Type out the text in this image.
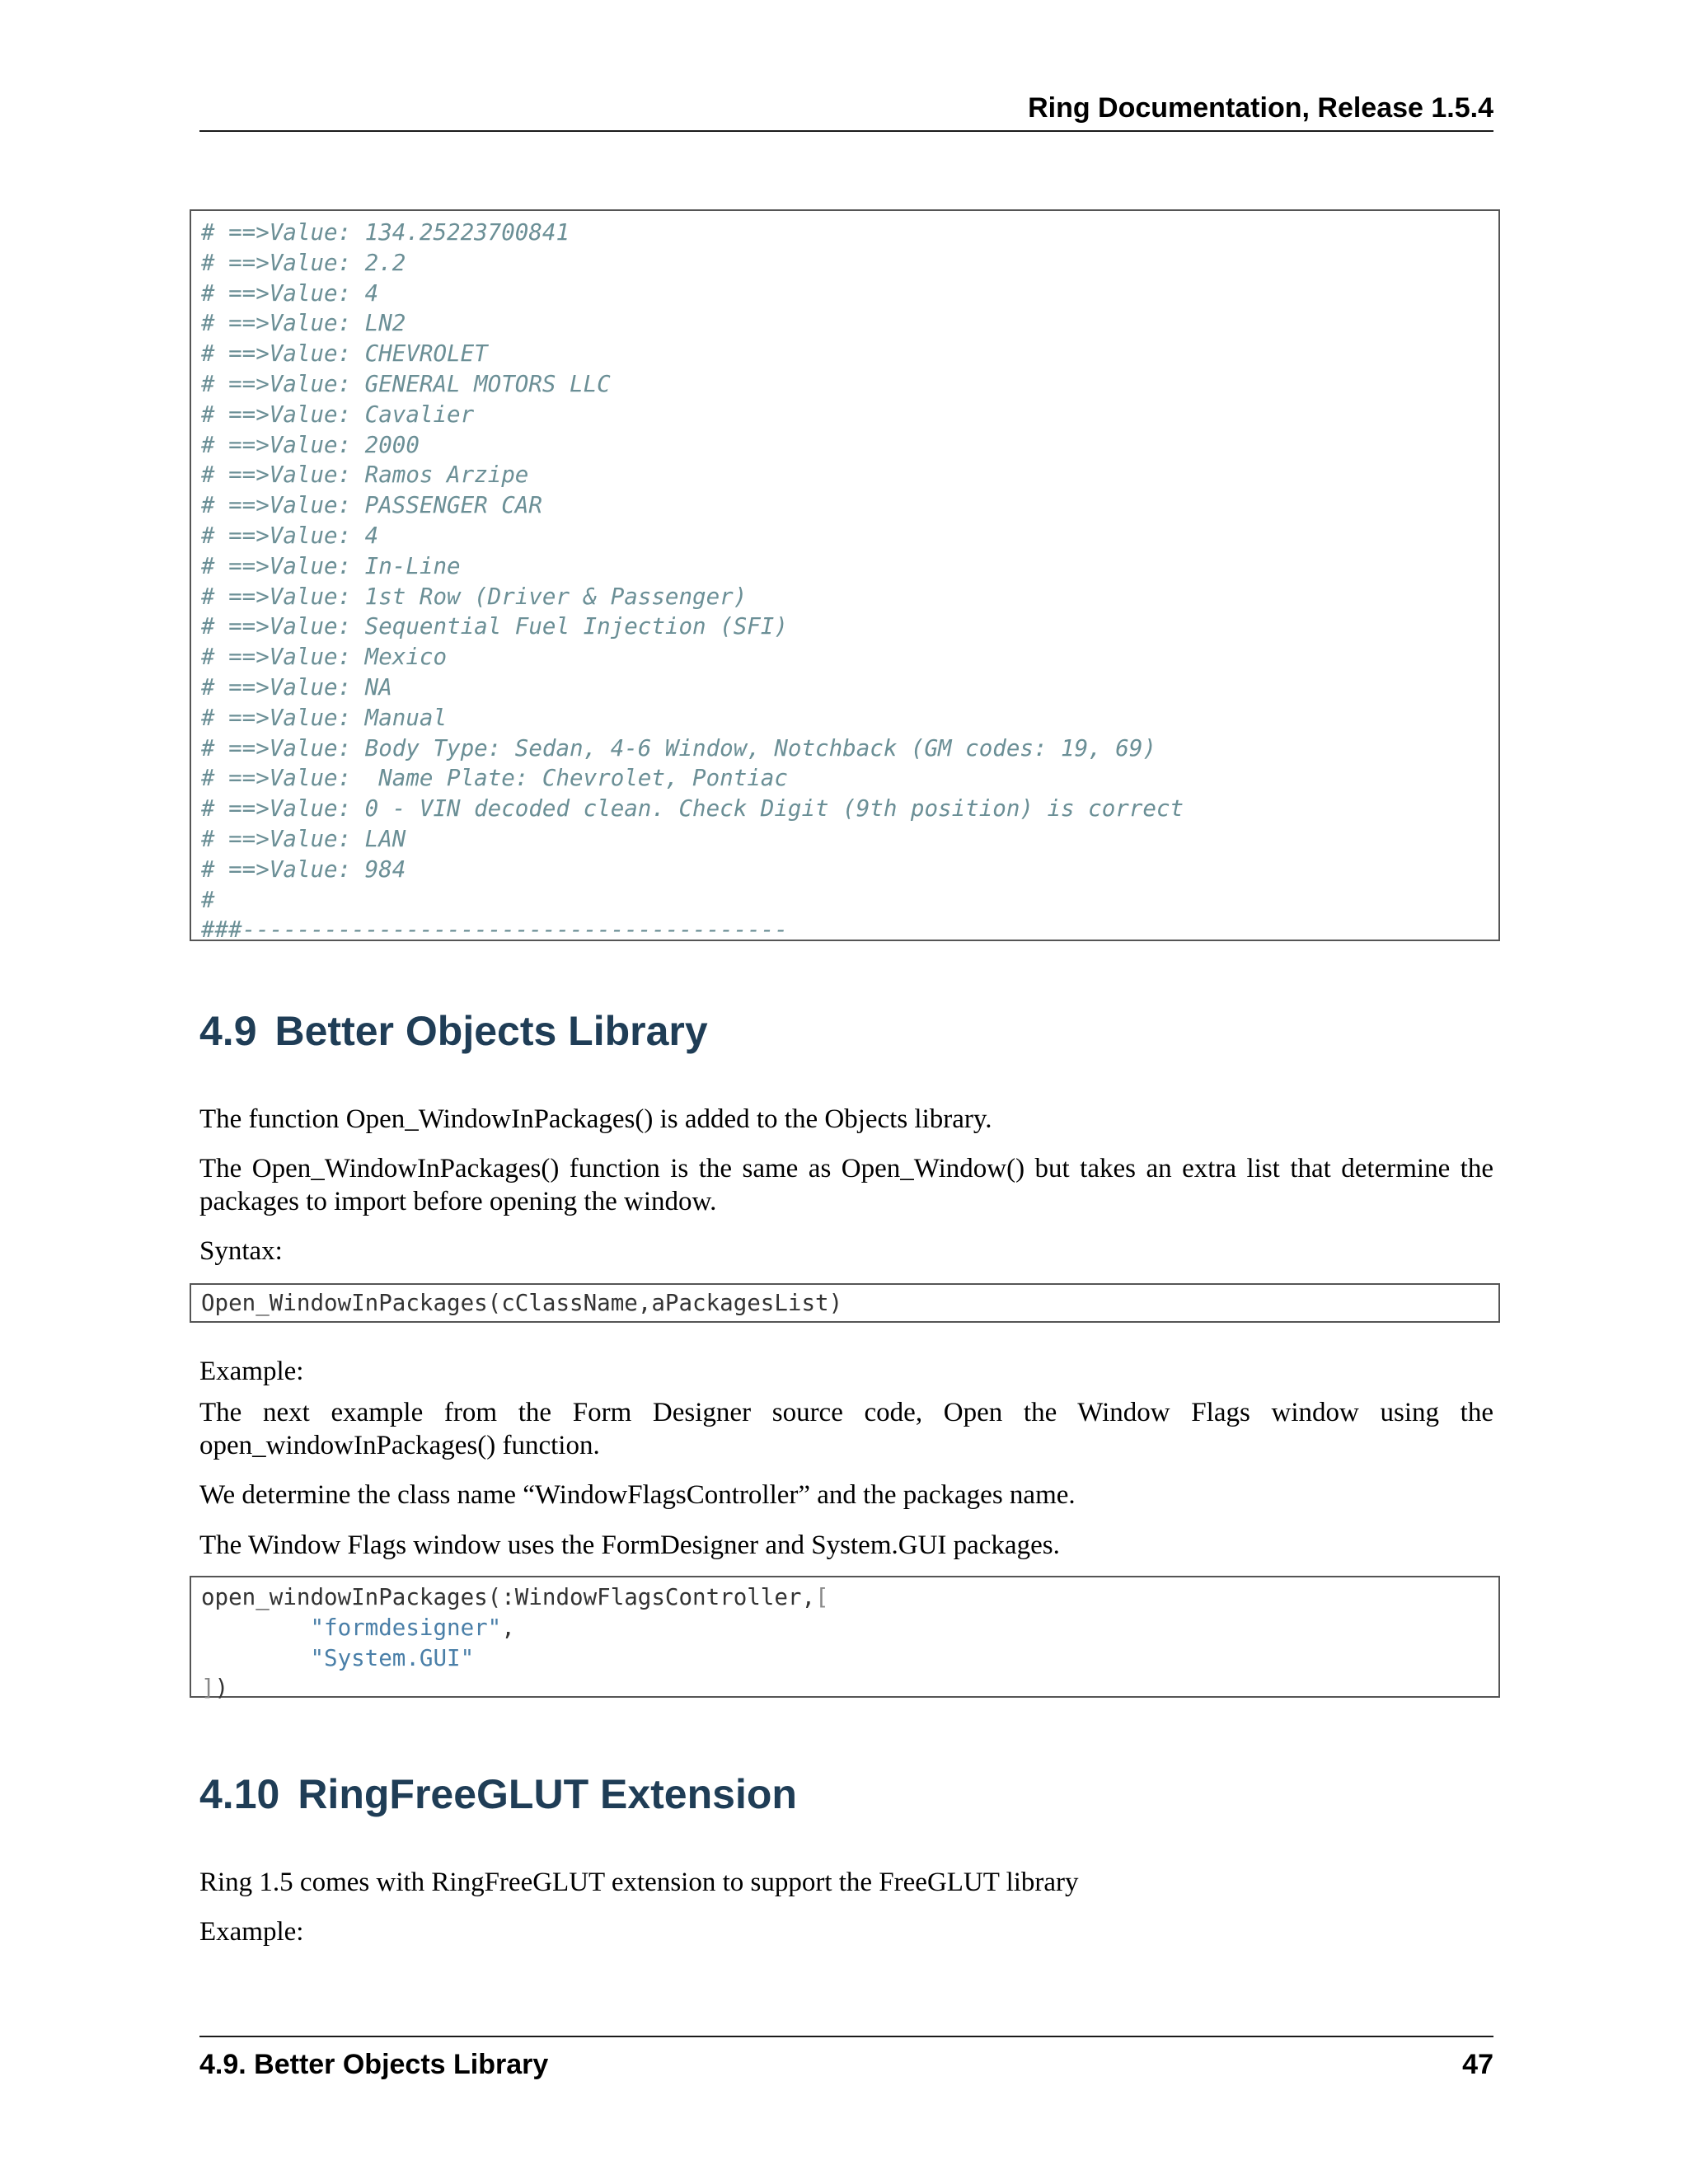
Ring Documentation, Release 1.5.4
# ==>Value: 134.25223700841
# ==>Value: 2.2
# ==>Value: 4
# ==>Value: LN2
# ==>Value: CHEVROLET
# ==>Value: GENERAL MOTORS LLC
# ==>Value: Cavalier
# ==>Value: 2000
# ==>Value: Ramos Arzipe
# ==>Value: PASSENGER CAR
# ==>Value: 4
# ==>Value: In-Line
# ==>Value: 1st Row (Driver & Passenger)
# ==>Value: Sequential Fuel Injection (SFI)
# ==>Value: Mexico
# ==>Value: NA
# ==>Value: Manual
# ==>Value: Body Type: Sedan, 4-6 Window, Notchback (GM codes: 19, 69)
# ==>Value:  Name Plate: Chevrolet, Pontiac
# ==>Value: 0 - VIN decoded clean. Check Digit (9th position) is correct
# ==>Value: LAN
# ==>Value: 984
#
###----------------------------------------
4.9 Better Objects Library
The function Open_WindowInPackages() is added to the Objects library.
The Open_WindowInPackages() function is the same as Open_Window() but takes an extra list that determine the packages to import before opening the window.
Syntax:
Open_WindowInPackages(cClassName,aPackagesList)
Example:
The next example from the Form Designer source code, Open the Window Flags window using the open_windowInPackages() function.
We determine the class name “WindowFlagsController” and the packages name.
The Window Flags window uses the FormDesigner and System.GUI packages.
open_windowInPackages(:WindowFlagsController,[
"formdesigner",
"System.GUI"
])
4.10 RingFreeGLUT Extension
Ring 1.5 comes with RingFreeGLUT extension to support the FreeGLUT library
Example:
4.9. Better Objects Library	47
